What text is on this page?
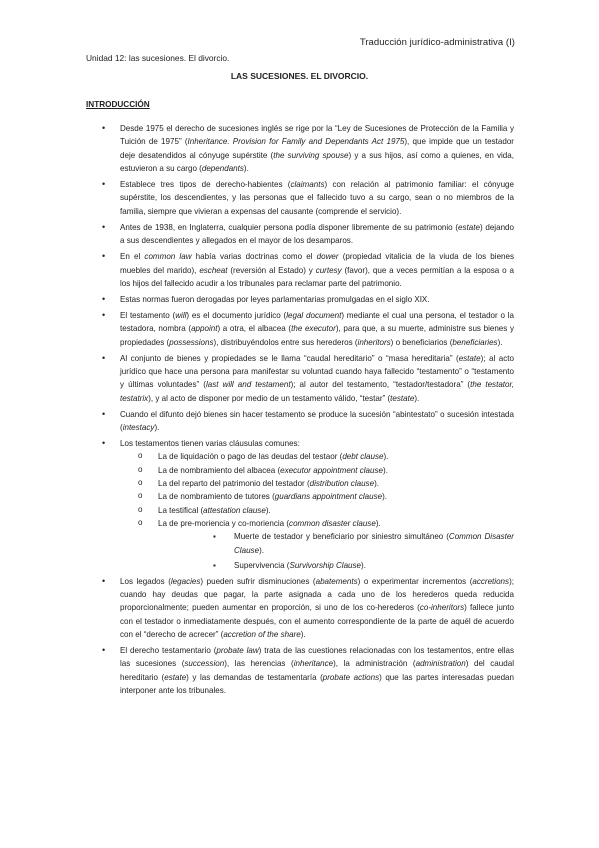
Traducción jurídico-administrativa (I)
Unidad 12: las sucesiones. El divorcio.
LAS SUCESIONES. EL DIVORCIO.
INTRODUCCIÓN
• Desde 1975 el derecho de sucesiones inglés se rige por la “Ley de Sucesiones de Protección de la Familia y Tuición de 1975” (Inheritance. Provision for Family and Dependants Act 1975), que impide que un testador deje desatendidos al cónyuge supérstite (the surviving spouse) y a sus hijos, así como a quienes, en vida, estuvieron a su cargo (dependants).
• Establece tres tipos de derecho-habientes (claimants) con relación al patrimonio familiar: el cónyuge supérstite, los descendientes, y las personas que el fallecido tuvo a su cargo, sean o no miembros de la familia, siempre que vivieran a expensas del causante (comprende el servicio).
• Antes de 1938, en Inglaterra, cualquier persona podía disponer libremente de su patrimonio (estate) dejando a sus descendientes y allegados en el mayor de los desamparos.
• En el common law había varias doctrinas como el dower (propiedad vitalicia de la viuda de los bienes muebles del marido), escheat (reversión al Estado) y curtesy (favor), que a veces permitían a la esposa o a los hijos del fallecido acudir a los tribunales para reclamar parte del patrimonio.
• Estas normas fueron derogadas por leyes parlamentarias promulgadas en el siglo XIX.
• El testamento (will) es el documento jurídico (legal document) mediante el cual una persona, el testador o la testadora, nombra (appoint) a otra, el albacea (the executor), para que, a su muerte, administre sus bienes y propiedades (possessions), distribuyéndolos entre sus herederos (inheritors) o beneficiarios (beneficiaries).
• Al conjunto de bienes y propiedades se le llama “caudal hereditario” o “masa hereditaria” (estate); al acto jurídico que hace una persona para manifestar su voluntad cuando haya fallecido “testamento” o “testamento y últimas voluntades” (last will and testament); al autor del testamento, “testador/testadora” (the testator, testatrix), y al acto de disponer por medio de un testamento válido, “testar” (testate).
• Cuando el difunto dejó bienes sin hacer testamento se produce la sucesión “abintestato” o sucesión intestada (intestacy).
• Los testamentos tienen varias cláusulas comunes:
o La de liquidación o pago de las deudas del testaor (debt clause).
o La de nombramiento del albacea (executor appointment clause).
o La del reparto del patrimonio del testador (distribution clause).
o La de nombramiento de tutores (guardians appointment clause).
o La testifical (attestation clause).
o La de pre-moriencia y co-moriencia (common disaster clause).
▪ Muerte de testador y beneficiario por siniestro simultáneo (Common Disaster Clause).
▪ Supervivencia (Survivorship Clause).
• Los legados (legacies) pueden sufrir disminuciones (abatements) o experimentar incrementos (accretions); cuando hay deudas que pagar, la parte asignada a cada uno de los herederos queda reducida proporcionalmente; pueden aumentar en proporción, si uno de los co-herederos (co-inheritors) fallece junto con el testador o inmediatamente después, con el aumento correspondiente de la parte de aquél de acuerdo con el “derecho de acrecer” (accretion of the share).
• El derecho testamentario (probate law) trata de las cuestiones relacionadas con los testamentos, entre ellas las sucesiones (succession), las herencias (inheritance), la administración (administration) del caudal hereditario (estate) y las demandas de testamentaría (probate actions) que las partes interesadas puedan interponer ante los tribunales.
